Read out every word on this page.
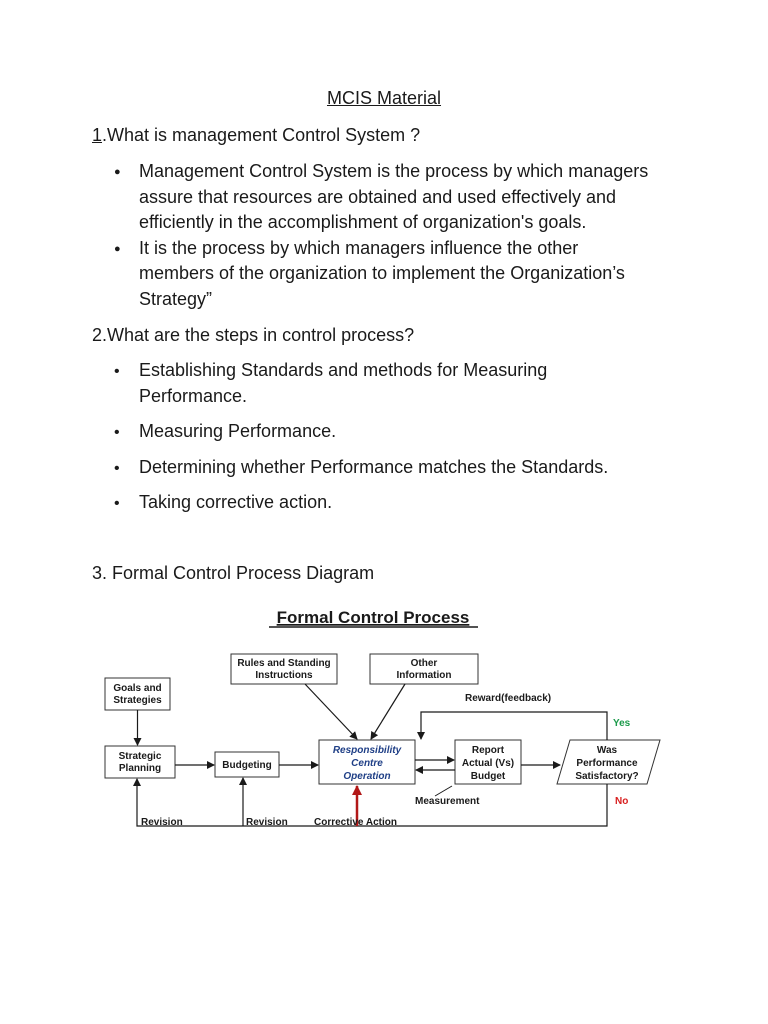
MCIS Material
1.What is management Control System ?
●
Management Control System is the process by which managers
assure that resources are obtained and used effectively and
efficiently in the accomplishment of organization's goals.
●
It is the process by which managers influence the other
members of the organization to implement the Organization’s
Strategy”
2.What are the steps in control process?
•
Establishing Standards and methods for Measuring
Performance.
•
Measuring Performance.
•
Determining whether Performance matches the Standards.
•
Taking corrective action.
3. Formal Control Process Diagram
Formal Control Process
Goals and
Strategies
Rules and Standing
Instructions
Other
Information
Strategic
Planning	Budgeting
Responsibility
Centre
Operation
Report
Actual (Vs)
Budget
Was
Performance
Satisfactory?
Reward(feedback)
Yes
No
Measurement
Revision	Revision	Corrective Action
